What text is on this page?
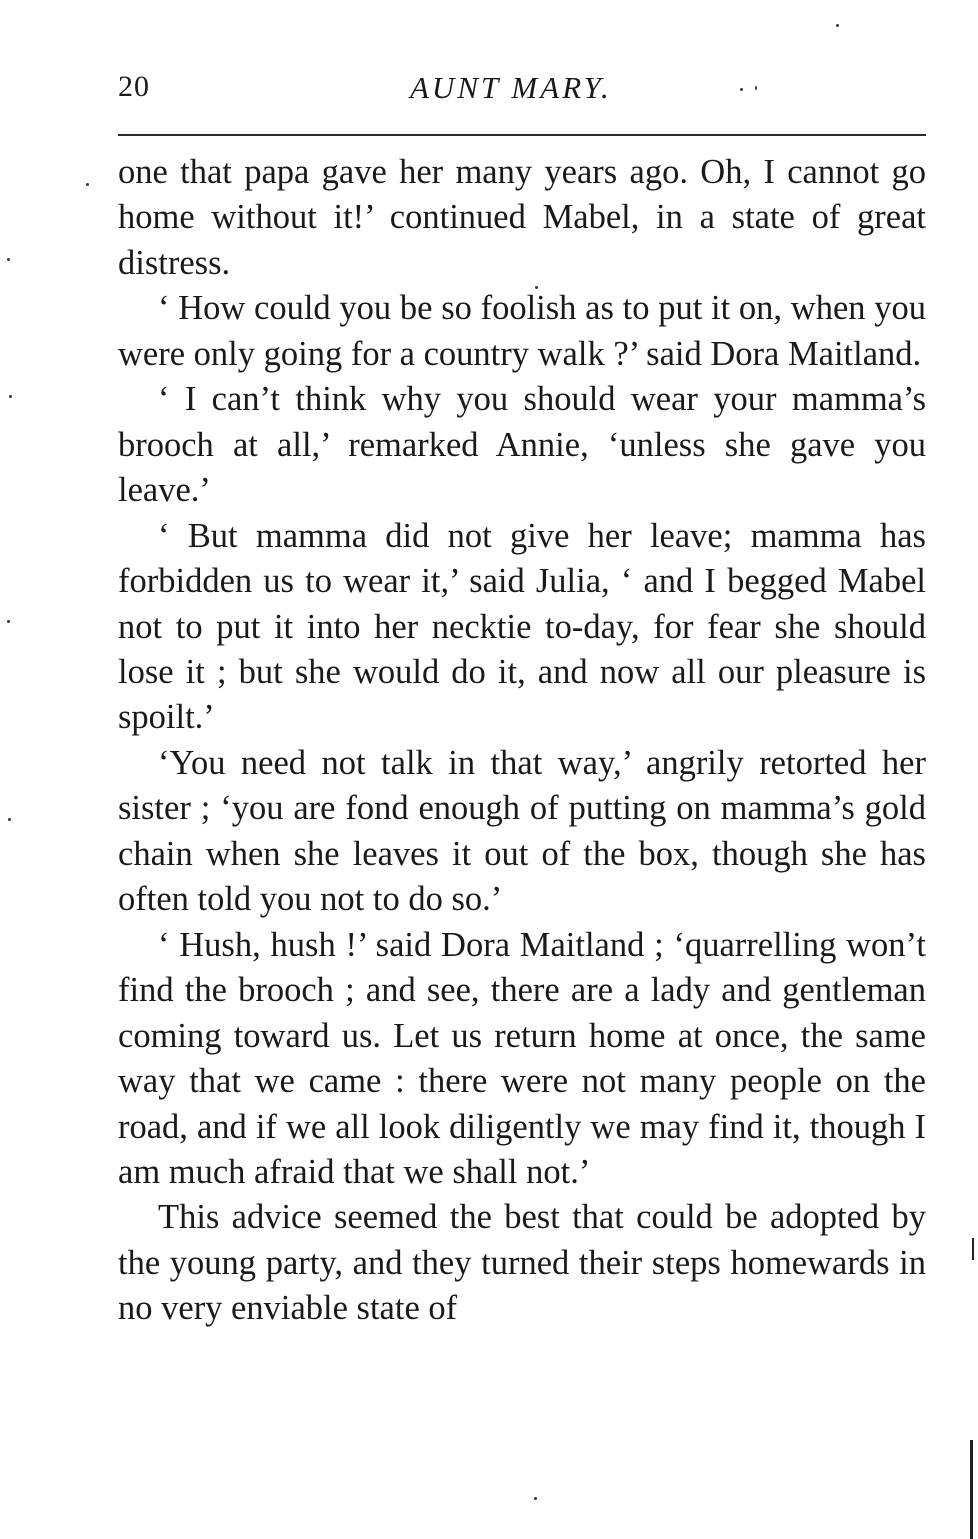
20	AUNT MARY.

one that papa gave her many years ago. Oh, I cannot go home without it!’ continued Mabel, in a state of great distress.

‘ How could you be so foolish as to put it on, when you were only going for a country walk ?’ said Dora Maitland.

‘ I can’t think why you should wear your mamma’s brooch at all,’ remarked Annie, ‘unless she gave you leave.’

‘ But mamma did not give her leave; mamma has forbidden us to wear it,’ said Julia, ‘ and I begged Mabel not to put it into her necktie to-day, for fear she should lose it ; but she would do it, and now all our pleasure is spoilt.’

‘You need not talk in that way,’ angrily retorted her sister ; ‘you are fond enough of putting on mamma’s gold chain when she leaves it out of the box, though she has often told you not to do so.’

‘ Hush, hush !’ said Dora Maitland ; ‘quarrelling won’t find the brooch ; and see, there are a lady and gentleman coming toward us. Let us return home at once, the same way that we came : there were not many people on the road, and if we all look diligently we may find it, though I am much afraid that we shall not.’

This advice seemed the best that could be adopted by the young party, and they turned their steps homewards in no very enviable state of
